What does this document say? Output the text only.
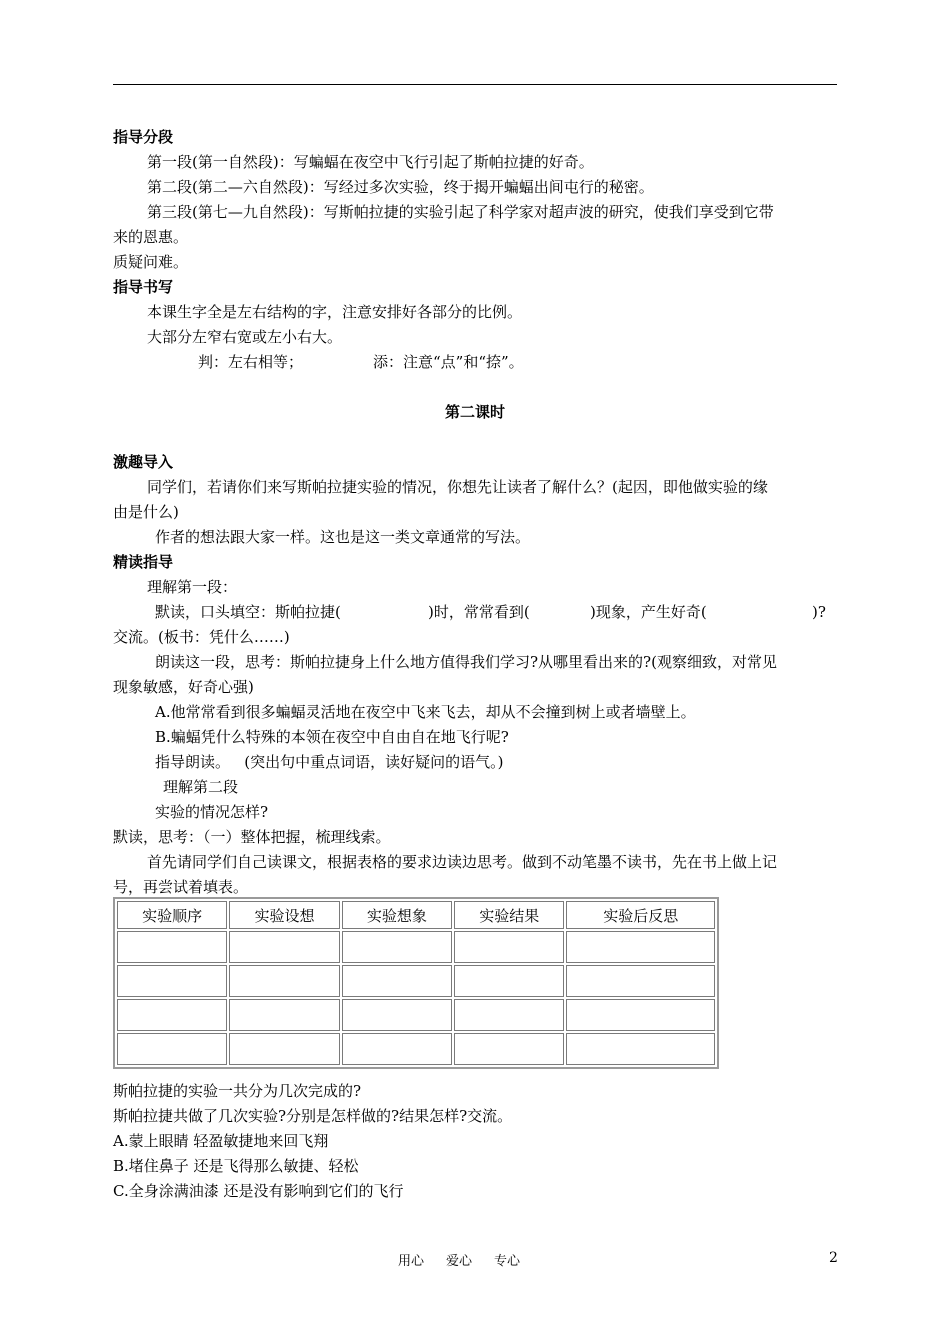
指导分段
第一段(第一自然段)：写蝙蝠在夜空中飞行引起了斯帕拉捷的好奇。
第二段(第二—六自然段)：写经过多次实验，终于揭开蝙蝠出间屯行的秘密。
第三段(第七—九自然段)：写斯帕拉捷的实验引起了科学家对超声波的研究，使我们享受到它带
来的恩惠。
质疑问难。
指导书写
本课生字全是左右结构的字，注意安排好各部分的比例。
大部分左窄右宽或左小右大。
判：左右相等；	添：注意“点”和“捺”。
第二课时
激趣导入
同学们，若请你们来写斯帕拉捷实验的情况，你想先让读者了解什么？(起因，即他做实验的缘
由是什么)
作者的想法跟大家一样。这也是这一类文章通常的写法。
精读指导
理解第一段：
默读，口头填空：斯帕拉捷(	)时，常常看到(	)现象，产生好奇(	)?
交流。(板书：凭什么……)
朗读这一段，思考：斯帕拉捷身上什么地方值得我们学习?从哪里看出来的?(观察细致，对常见
现象敏感，好奇心强)
A.他常常看到很多蝙蝠灵活地在夜空中飞来飞去，却从不会撞到树上或者墙壁上。
B.蝙蝠凭什么特殊的本领在夜空中自由自在地飞行呢?
指导朗读。   (突出句中重点词语，读好疑问的语气。)
理解第二段
实验的情况怎样?
默读，思考：（一）整体把握，梳理线索。
首先请同学们自己读课文，根据表格的要求边读边思考。做到不动笔墨不读书，先在书上做上记
号，再尝试着填表。
实验顺序	实验设想	实验想象	实验结果	实验后反思

斯帕拉捷的实验一共分为几次完成的?
斯帕拉捷共做了几次实验?分别是怎样做的?结果怎样?交流。
A.蒙上眼睛 轻盈敏捷地来回飞翔
B.堵住鼻子 还是飞得那么敏捷、轻松
C.全身涂满油漆 还是没有影响到它们的飞行
用心 爱心 专心	2
